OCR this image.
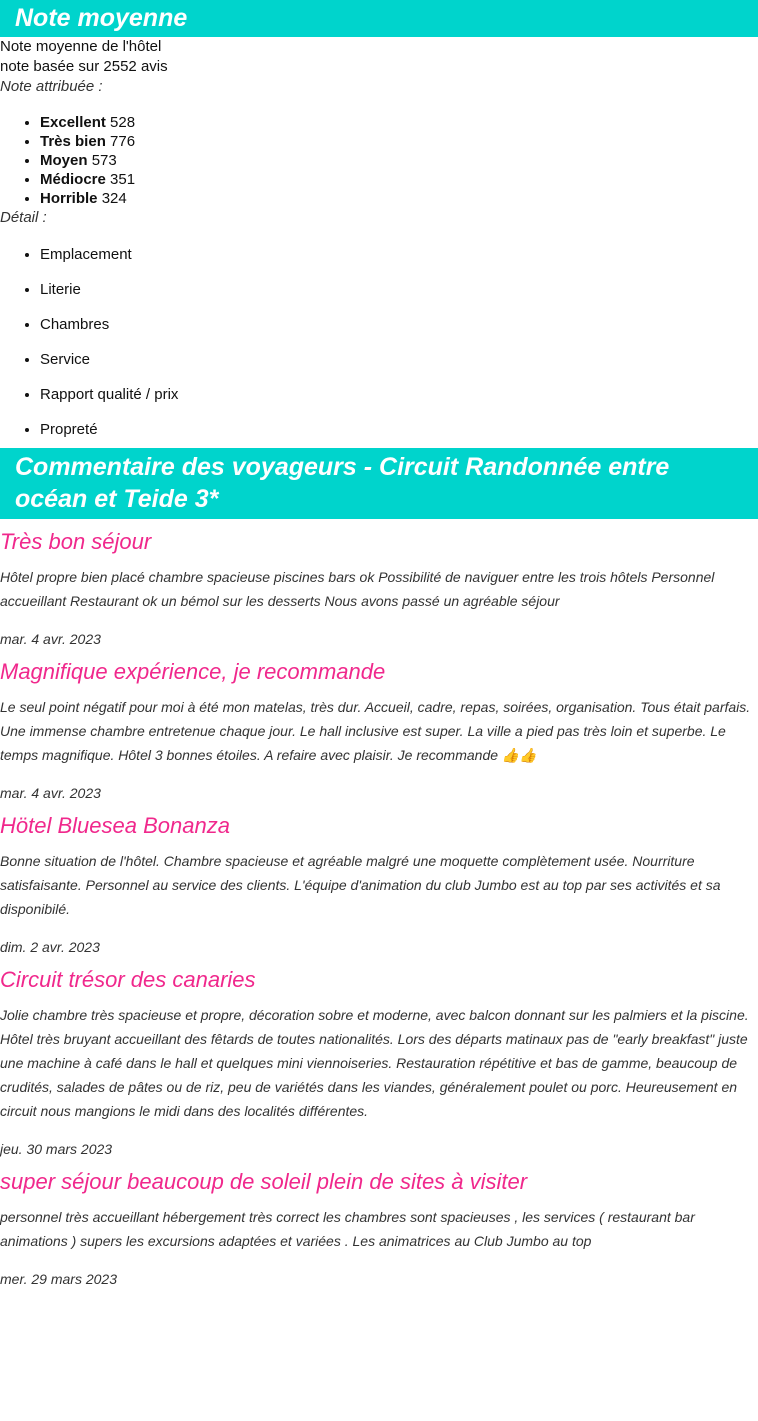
Note moyenne

Note moyenne de l'hôtel

note basée sur 2552 avis

Note attribuée :

• Excellent 528
• Très bien 776
• Moyen 573
• Médiocre 351
• Horrible 324

Détail :

• Emplacement
• Literie
• Chambres
• Service
• Rapport qualité / prix
• Propreté
Commentaire des voyageurs - Circuit Randonnée entre océan et Teide 3*
Très bon séjour

Hôtel propre bien placé chambre spacieuse piscines bars ok Possibilité de naviguer entre les trois hôtels Personnel accueillant Restaurant ok un bémol sur les desserts Nous avons passé un agréable séjour

mar. 4 avr. 2023

Magnifique expérience, je recommande

Le seul point négatif pour moi à été mon matelas, très dur. Accueil, cadre, repas, soirées, organisation. Tous était parfais. Une immense chambre entretenue chaque jour. Le hall inclusive est super. La ville a pied pas très loin et superbe. Le temps magnifique. Hôtel 3 bonnes étoiles. A refaire avec plaisir. Je recommande 👍👍

mar. 4 avr. 2023

Hötel Bluesea Bonanza

Bonne situation de l'hôtel. Chambre spacieuse et agréable malgré une moquette complètement usée. Nourriture satisfaisante. Personnel au service des clients. L'équipe d'animation du club Jumbo est au top par ses activités et sa disponibilé.

dim. 2 avr. 2023

Circuit trésor des canaries

Jolie chambre très spacieuse et propre, décoration sobre et moderne, avec balcon donnant sur les palmiers et la piscine. Hôtel très bruyant accueillant des fêtards de toutes nationalités. Lors des départs matinaux pas de "early breakfast" juste une machine à café dans le hall et quelques mini viennoiseries. Restauration répétitive et bas de gamme, beaucoup de crudités, salades de pâtes ou de riz, peu de variétés dans les viandes, généralement poulet ou porc. Heureusement en circuit nous mangions le midi dans des localités différentes.

jeu. 30 mars 2023

super séjour beaucoup de soleil plein de sites à visiter

personnel très accueillant hébergement très correct les chambres sont spacieuses , les services ( restaurant bar animations ) supers les excursions adaptées et variées . Les animatrices au Club Jumbo au top

mer. 29 mars 2023
